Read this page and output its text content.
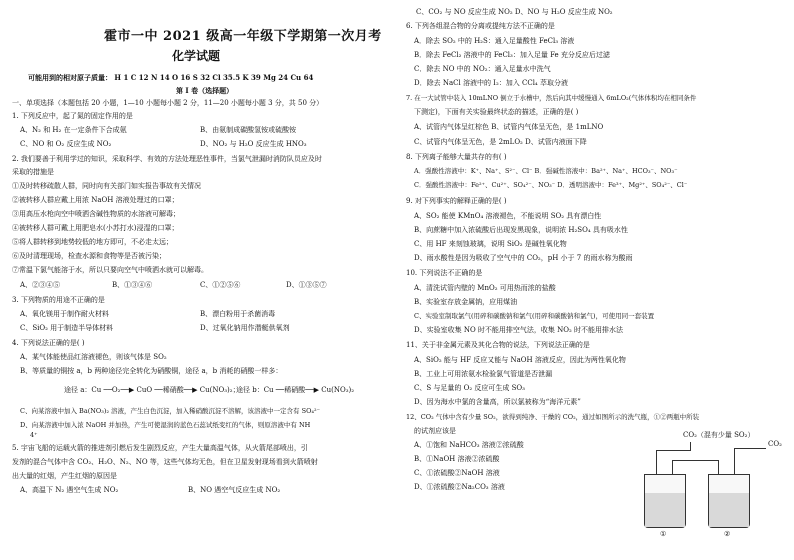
霍市一中 2021 级高一年级下学期第一次月考
化学试题
可能用到的相对原子质量： H 1 C 12 N 14 O 16 S 32 Cl 35.5 K 39 Mg 24 Cu 64
第 I 卷（选择题）
一、单项选择（本题包括 20 小题，1—10 小题每小题 2 分，11—20 小题每小题 3 分，共 50 分）
1. 下列反应中，起了氮的固定作用的是
A、N₂ 和 H₂ 在一定条件下合成氨	B、由氨制成碳酸氢铵或硫酸铵
C、NO 和 O₂ 反应生成 NO₂	D、NO₂ 与 H₂O 反应生成 HNO₃
2. 我们要善于利用学过的知识，采取科学、有效的方法处理恶性事件，当氯气泄漏时消防队员应及时
采取的措施是
①及时转移疏散人群，同时向有关部门如实报告事故有关情况
②被转移人群应戴上用浓 NaOH 溶液处理过的口罩；
③用高压水枪向空中喷洒含碱性物质的水溶液可解毒；
④被转移人群可戴上用肥皂水(小苏打水)浸湿的口罩；
⑤将人群转移到地势较低的地方即可，不必走太远；
⑥及时清理现场，检查水源和食物等是否被污染；
⑦常温下氯气能溶于水，所以只要向空气中喷洒水就可以解毒。
A、②③④⑤	B、①③④⑥	C、①②⑤⑥	D、①③⑤⑦
3. 下列物质的用途不正确的是
A、氧化镁用于制作耐火材料	B、漂白粉用于杀菌消毒
C、SiO₂ 用于制造半导体材料	D、过氧化钠用作潜艇供氧剂
4. 下列说法正确的是( )
A、某气体能使品红溶液褪色，则该气体是 SO₂
B、等质量的铜按 a，b 两种途径完全转化为硝酸铜，途径 a，b 消耗的硝酸一样多：
途径 a：Cu ──O₂──▶ CuO ──稀硝酸──▶ Cu(NO₃)₂；
途径 b：Cu ──稀硝酸──▶ Cu(NO₃)₂
C、向某溶液中加入 Ba(NO₃)₂ 溶液，产生白色沉淀，加入稀硝酸沉淀不溶解，该溶液中一定含有 SO₄²⁻
D、向某溶液中加入浓 NaOH 并加热，产生可使湿润的蓝色石蕊试纸变红的气体，则原溶液中有 NH
4⁺
5. 宇宙飞船的运载火箭的推进剂引燃后发生剧烈反应，产生大量高温气体，从火箭尾部喷出，引
发剂的混合气体中含 CO₂、H₂O、N₂、NO 等，这些气体均无色，但在卫星发射现场看到火箭喷射
出大量的红烟，产生红烟的原因是
A、高温下 N₂ 遇空气生成 NO₂	B、NO 遇空气反应生成 NO₂
C、CO₂ 与 NO 反应生成 NO₂ D、NO 与 H₂O 反应生成 NO₂
6. 下列各组混合物的分离或提纯方法不正确的是
A．除去 SO₂ 中的 H₂S：通入足量酸性 FeCl₃ 溶液
B．除去 FeCl₂ 溶液中的 FeCl₃：加入足量 Fe 充分反应后过滤
C．除去 NO 中的 NO₂：通入足量水中洗气
D．除去 NaCl 溶液中的 I₂：加入 CCl₄ 萃取分液
7. 在一大试管中装入 10mLNO 倒立于水槽中，然后向其中缓慢通入 6mLO₂(气体体积均在相同条件
下测定)，下面有关实验最终状态的描述，正确的是( )
A、试管内气体呈红棕色 B、试管内气体呈无色，是 1mLNO
C、试管内气体呈无色，是 2mLO₂ D、试管内液面下降
8. 下列离子能够大量共存的有( )
A．强酸性溶液中：K⁺、Na⁺、S²⁻、Cl⁻ B．强碱性溶液中：Ba²⁺、Na⁺、HCO₃⁻、NO₃⁻
C．强酸性溶液中：Fe²⁺、Cu²⁺、SO₄²⁻、NO₃⁻ D．透明溶液中：Fe³⁺、Mg²⁺、SO₄²⁻、Cl⁻
9. 对下列事实的解释正确的是( )
A、SO₂ 能使 KMnO₄ 溶液褪色，不能说明 SO₂ 具有漂白性
B、向蔗糖中加入浓硫酸后出现发黑现象，说明浓 H₂SO₄ 具有吸水性
C、用 HF 来刻蚀玻璃，说明 SiO₂ 是碱性氧化物
D、雨水酸性是因为吸收了空气中的 CO₂，pH 小于 7 的雨水称为酸雨
10. 下列说法不正确的是
A、清洗试管内壁的 MnO₂ 可用热而浓的盐酸
B、实验室存放金属钠，应用煤油
C、实验室制取氯气(用碎和碳酸钠和氯气(用碎和碳酸钠和氯气)，可使用同一套装置
D、实验室收集 NO 时不能用排空气法，收集 NO₂ 时不能用排水法
11、关于非金属元素及其化合物的说法，下列说法正确的是
A、SiO₂ 能与 HF 反应又能与 NaOH 溶液反应，因此为两性氧化物
B、工业上可用浓氨水检验氯气管道是否泄漏
C、S 与足量的 O₂ 反应可生成 SO₃
D、因为海水中氯的含量高，所以氯被称为“海洋元素”
12、CO₂ 气体中含有少量 SO₂，欲得到纯净、干燥的 CO₂，通过如图所示的洗气瓶，①②两瓶中所装
的试剂应该是
A、①饱和 NaHCO₃ 溶液②浓硫酸
B、①NaOH 溶液②浓硫酸
C、①浓硫酸②NaOH 溶液
D、①浓硫酸②Na₂CO₃ 溶液
CO₂（混有少量 SO₂）
CO₂
①	②
